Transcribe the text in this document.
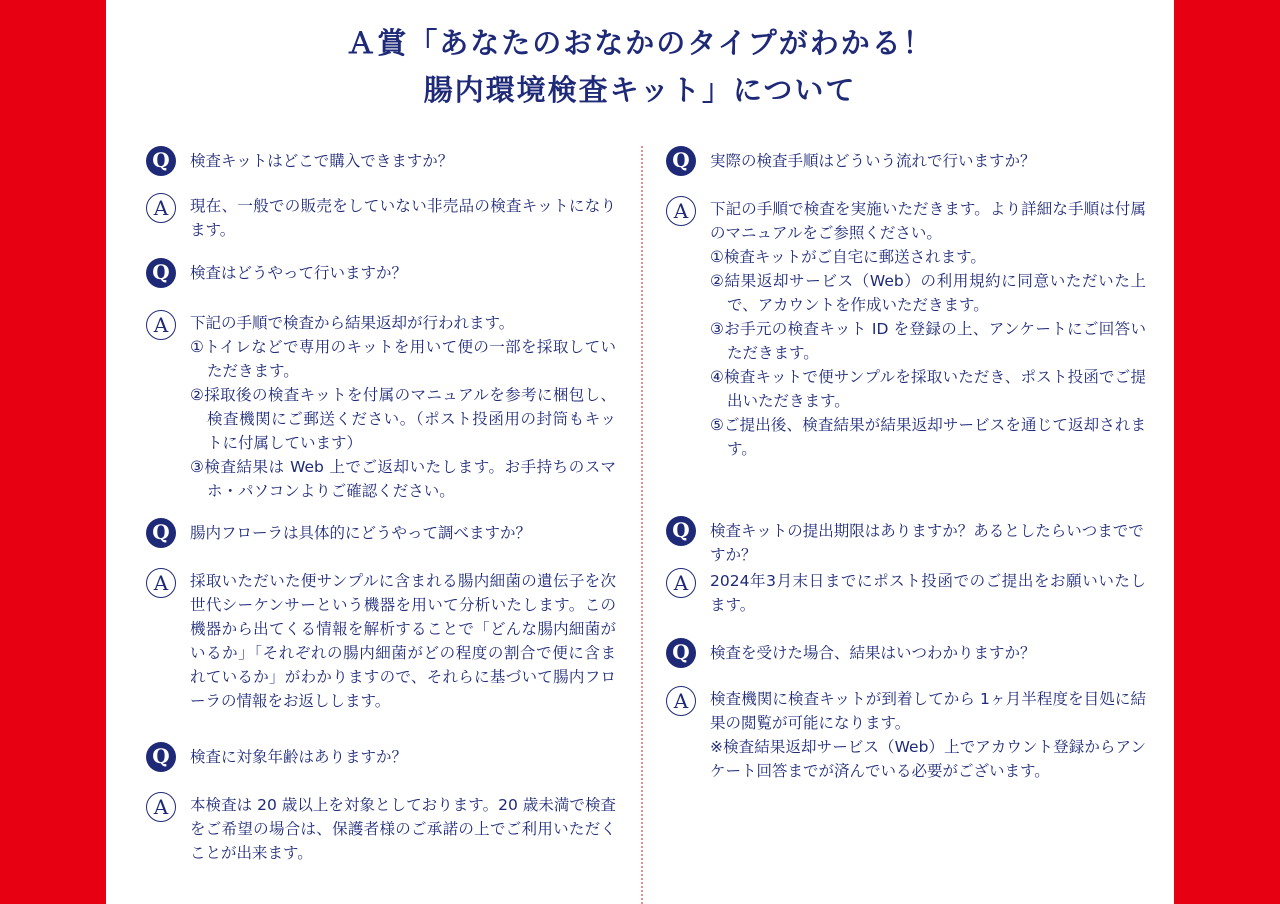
Ａ賞「あなたのおなかのタイプがわかる！
腸内環境検査キット」について
Q	検査キットはどこで購入できますか？
A	現在、一般での販売をしていない非売品の検査キットになります。
Q	検査はどうやって行いますか？
A	下記の手順で検査から結果返却が行われます。
①トイレなどで専用のキットを用いて便の一部を採取していただきます。
②採取後の検査キットを付属のマニュアルを参考に梱包し、検査機関にご郵送ください。（ポスト投函用の封筒もキットに付属しています）
③検査結果は Web 上でご返却いたします。お手持ちのスマホ・パソコンよりご確認ください。
Q	腸内フローラは具体的にどうやって調べますか？
A	採取いただいた便サンプルに含まれる腸内細菌の遺伝子を次世代シーケンサーという機器を用いて分析いたします。この機器から出てくる情報を解析することで「どんな腸内細菌がいるか」「それぞれの腸内細菌がどの程度の割合で便に含まれているか」がわかりますので、それらに基づいて腸内フローラの情報をお返しします。
Q	検査に対象年齢はありますか？
A	本検査は 20 歳以上を対象としております。20 歳未満で検査をご希望の場合は、保護者様のご承諾の上でご利用いただくことが出来ます。
Q	実際の検査手順はどういう流れで行いますか？
A	下記の手順で検査を実施いただきます。より詳細な手順は付属のマニュアルをご参照ください。
①検査キットがご自宅に郵送されます。
②結果返却サービス（Web）の利用規約に同意いただいた上で、アカウントを作成いただきます。
③お手元の検査キット ID を登録の上、アンケートにご回答いただきます。
④検査キットで便サンプルを採取いただき、ポスト投函でご提出いただきます。
⑤ご提出後、検査結果が結果返却サービスを通じて返却されます。
Q	検査キットの提出期限はありますか？あるとしたらいつまでですか？
A	2024年3月末日までにポスト投函でのご提出をお願いいたします。
Q	検査を受けた場合、結果はいつわかりますか？
A	検査機関に検査キットが到着してから 1ヶ月半程度を目処に結果の閲覧が可能になります。
※検査結果返却サービス（Web）上でアカウント登録からアンケート回答までが済んでいる必要がございます。
